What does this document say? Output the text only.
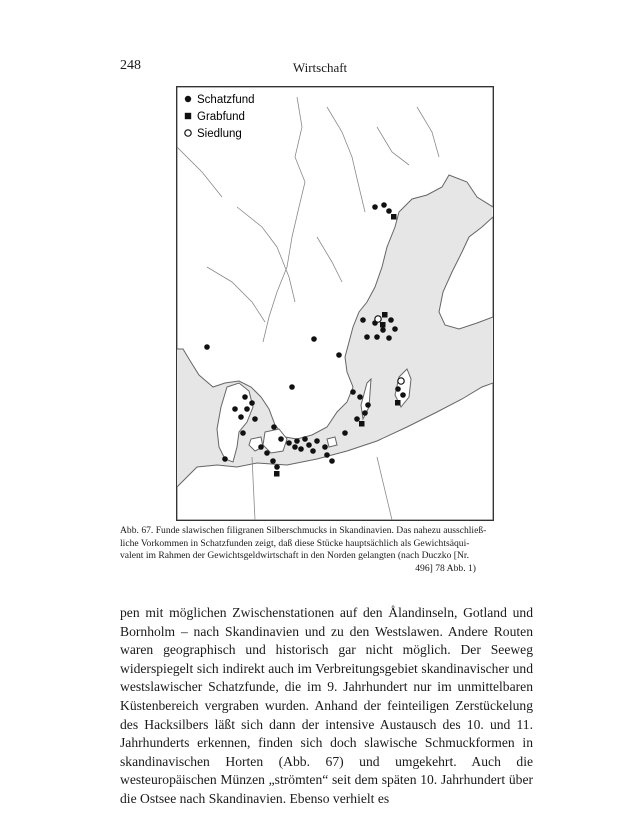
248	Wirtschaft
Schatzfund
Grabfund
Siedlung
Abb. 67. Funde slawischen filigranen Silberschmucks in Skandinavien. Das nahezu ausschließ-
liche Vorkommen in Schatzfunden zeigt, daß diese Stücke hauptsächlich als Gewichtsäqui-
valent im Rahmen der Gewichtsgeldwirtschaft in den Norden gelangten (nach Duczko [Nr.
496] 78 Abb. 1)
pen mit möglichen Zwischenstationen auf den Ålandinseln, Gotland und Bornholm – nach Skandinavien und zu den Westslawen. Andere Routen waren geographisch und historisch gar nicht möglich. Der Seeweg widerspiegelt sich indirekt auch im Verbreitungsgebiet skandinavischer und westslawischer Schatzfunde, die im 9. Jahrhundert nur im unmittelbaren Küstenbereich vergraben wurden. Anhand der feinteiligen Zerstückelung des Hacksilbers läßt sich dann der intensive Austausch des 10. und 11. Jahrhunderts erkennen, finden sich doch slawische Schmuckformen in skandinavischen Horten (Abb. 67) und umgekehrt. Auch die westeuropäischen Münzen „strömten“ seit dem späten 10. Jahrhundert über die Ostsee nach Skandinavien. Ebenso verhielt es
